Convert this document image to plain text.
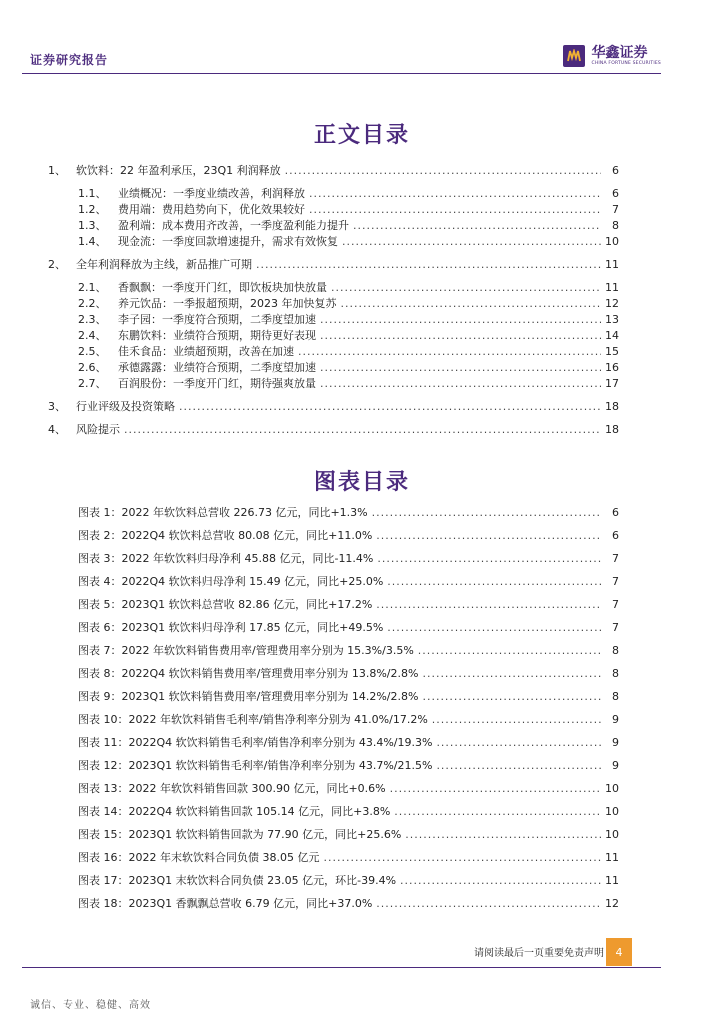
证券研究报告	华鑫证券
CHINA FORTUNE SECURITIES
正文目录
1、 软饮料：22 年盈利承压，23Q1 利润释放 .....	6
1.1、	业绩概况：一季度业绩改善，利润释放 .....	6
1.2、	费用端：费用趋势向下，优化效果较好 .....	7
1.3、	盈利端：成本费用齐改善，一季度盈利能力提升 .....	8
1.4、	现金流：一季度回款增速提升，需求有效恢复 .....	10
2、 全年利润释放为主线，新品推广可期 .....	11
2.1、	香飘飘：一季度开门红，即饮板块加快放量 .....	11
2.2、	养元饮品：一季报超预期，2023 年加快复苏 .....	12
2.3、	李子园：一季度符合预期，二季度望加速 .....	13
2.4、	东鹏饮料：业绩符合预期，期待更好表现 .....	14
2.5、	佳禾食品：业绩超预期，改善在加速 .....	15
2.6、	承德露露：业绩符合预期，二季度望加速 .....	16
2.7、	百润股份：一季度开门红，期待强爽放量 .....	17
3、 行业评级及投资策略 .....	18
4、 风险提示 .....	18
图表目录
图表 1：2022 年软饮料总营收 226.73 亿元，同比+1.3% .....	6
图表 2：2022Q4 软饮料总营收 80.08 亿元，同比+11.0% .....	6
图表 3：2022 年软饮料归母净利 45.88 亿元，同比-11.4% .....	7
图表 4：2022Q4 软饮料归母净利 15.49 亿元，同比+25.0% .....	7
图表 5：2023Q1 软饮料总营收 82.86 亿元，同比+17.2% .....	7
图表 6：2023Q1 软饮料归母净利 17.85 亿元，同比+49.5% .....	7
图表 7：2022 年软饮料销售费用率/管理费用率分别为 15.3%/3.5% .....	8
图表 8：2022Q4 软饮料销售费用率/管理费用率分别为 13.8%/2.8% .....	8
图表 9：2023Q1 软饮料销售费用率/管理费用率分别为 14.2%/2.8% .....	8
图表 10：2022 年软饮料销售毛利率/销售净利率分别为 41.0%/17.2% .....	9
图表 11：2022Q4 软饮料销售毛利率/销售净利率分别为 43.4%/19.3% .....	9
图表 12：2023Q1 软饮料销售毛利率/销售净利率分别为 43.7%/21.5% .....	9
图表 13：2022 年软饮料销售回款 300.90 亿元，同比+0.6% .....	10
图表 14：2022Q4 软饮料销售回款 105.14 亿元，同比+3.8% .....	10
图表 15：2023Q1 软饮料销售回款为 77.90 亿元，同比+25.6% .....	10
图表 16：2022 年末软饮料合同负债 38.05 亿元 .....	11
图表 17：2023Q1 末软饮料合同负债 23.05 亿元，环比-39.4% .....	11
图表 18：2023Q1 香飘飘总营收 6.79 亿元，同比+37.0% .....	12
请阅读最后一页重要免责声明	4
诚信、专业、稳健、高效
